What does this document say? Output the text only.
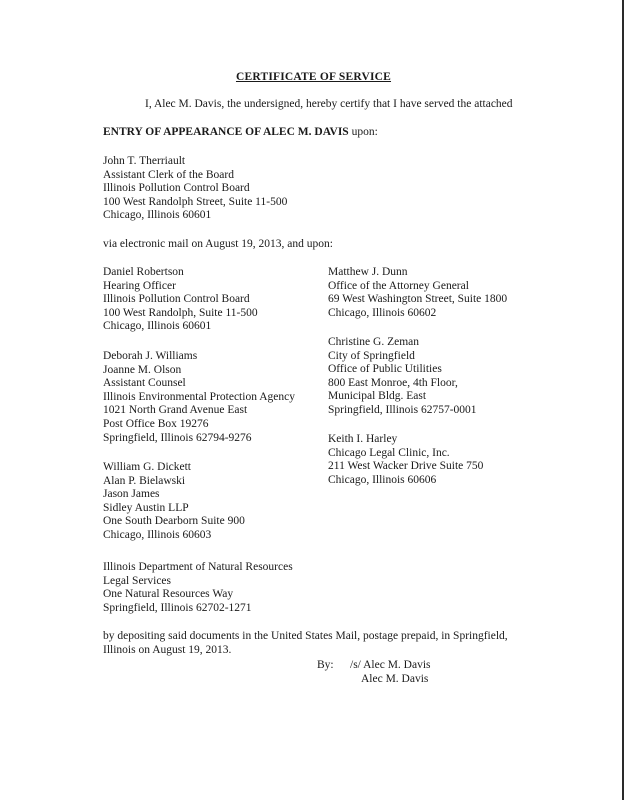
CERTIFICATE OF SERVICE
I, Alec M. Davis, the undersigned, hereby certify that I have served the attached
ENTRY OF APPEARANCE OF ALEC M. DAVIS upon:
John T. Therriault
Assistant Clerk of the Board
Illinois Pollution Control Board
100 West Randolph Street, Suite 11-500
Chicago, Illinois 60601
via electronic mail on August 19, 2013, and upon:
Daniel Robertson
Hearing Officer
Illinois Pollution Control Board
100 West Randolph, Suite 11-500
Chicago, Illinois 60601
Deborah J. Williams
Joanne M. Olson
Assistant Counsel
Illinois Environmental Protection Agency
1021 North Grand Avenue East
Post Office Box 19276
Springfield, Illinois 62794-9276
William G. Dickett
Alan P. Bielawski
Jason James
Sidley Austin LLP
One South Dearborn Suite 900
Chicago, Illinois 60603
Illinois Department of Natural Resources
Legal Services
One Natural Resources Way
Springfield, Illinois 62702-1271
Matthew J. Dunn
Office of the Attorney General
69 West Washington Street, Suite 1800
Chicago, Illinois 60602
Christine G. Zeman
City of Springfield
Office of Public Utilities
800 East Monroe, 4th Floor,
Municipal Bldg. East
Springfield, Illinois 62757-0001
Keith I. Harley
Chicago Legal Clinic, Inc.
211 West Wacker Drive Suite 750
Chicago, Illinois 60606
by depositing said documents in the United States Mail, postage prepaid, in Springfield,
Illinois on August 19, 2013.
By: /s/ Alec M. Davis
Alec M. Davis
